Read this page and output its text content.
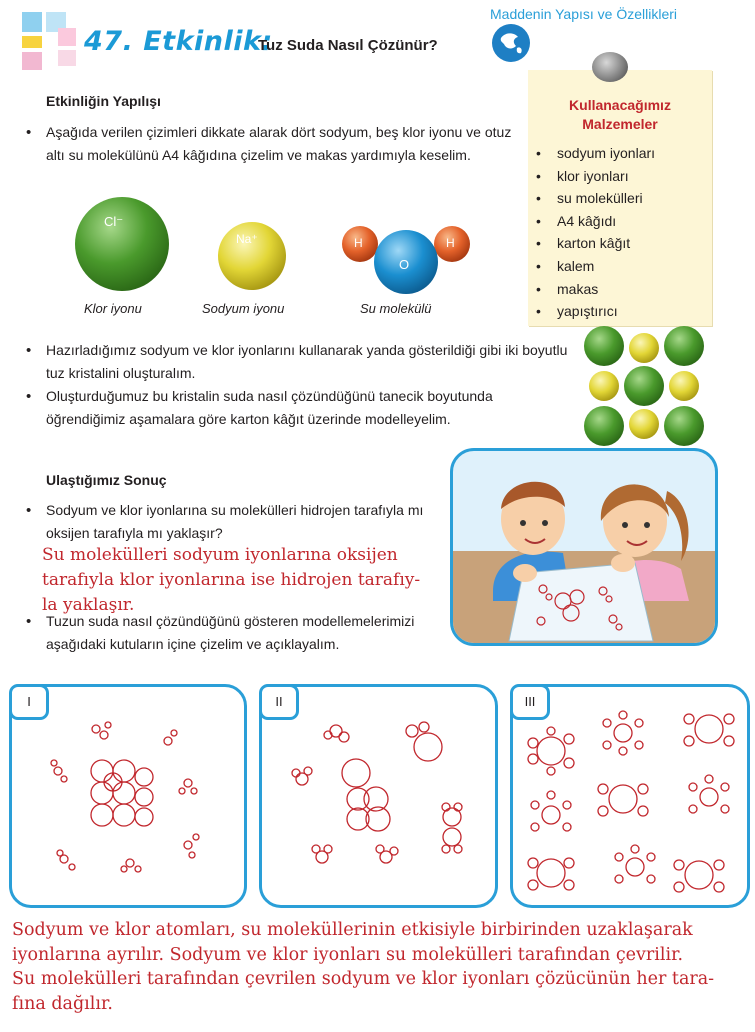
47. Etkinlik:
Tuz Suda Nasıl Çözünür?
Maddenin Yapısı ve Özellikleri
Etkinliğin Yapılışı
• Aşağıda verilen çizimleri dikkate alarak dört sodyum, beş klor iyonu ve otuz altı su molekülünü A4 kâğıdına çizelim ve makas yardımıyla keselim.
Cl⁻
Na⁺	H	H
O
Klor iyonu	Sodyum iyonu	Su molekülü
Kullanacağımız
Malzemeler
• sodyum iyonları
• klor iyonları
• su molekülleri
• A4 kâğıdı
• karton kâğıt
• kalem
• makas
• yapıştırıcı
• Hazırladığımız sodyum ve klor iyonlarını kullanarak yanda gösterildiği gibi iki boyutlu tuz kristalini oluşturalım.
• Oluşturduğumuz bu kristalin suda nasıl çözündüğünü tanecik boyutunda öğrendiğimiz aşamalara göre karton kâğıt üzerinde modelleyelim.
Ulaştığımız Sonuç
• Sodyum ve klor iyonlarına su molekülleri hidrojen tarafıyla mı oksijen tarafıyla mı yaklaşır?
Su molekülleri sodyum iyonlarına oksijen
tarafıyla klor iyonlarına ise hidrojen tarafıy-
la yaklaşır.
• Tuzun suda nasıl çözündüğünü gösteren modellemelerimizi aşağıdaki kutuların içine çizelim ve açıklayalım.
I	II	III
Sodyum ve klor atomları, su moleküllerinin etkisiyle birbirinden uzaklaşarak
iyonlarına ayrılır. Sodyum ve klor iyonları su molekülleri tarafından çevrilir.
Su molekülleri tarafından çevrilen sodyum ve klor iyonları çözücünün her tara-
fına dağılır.
